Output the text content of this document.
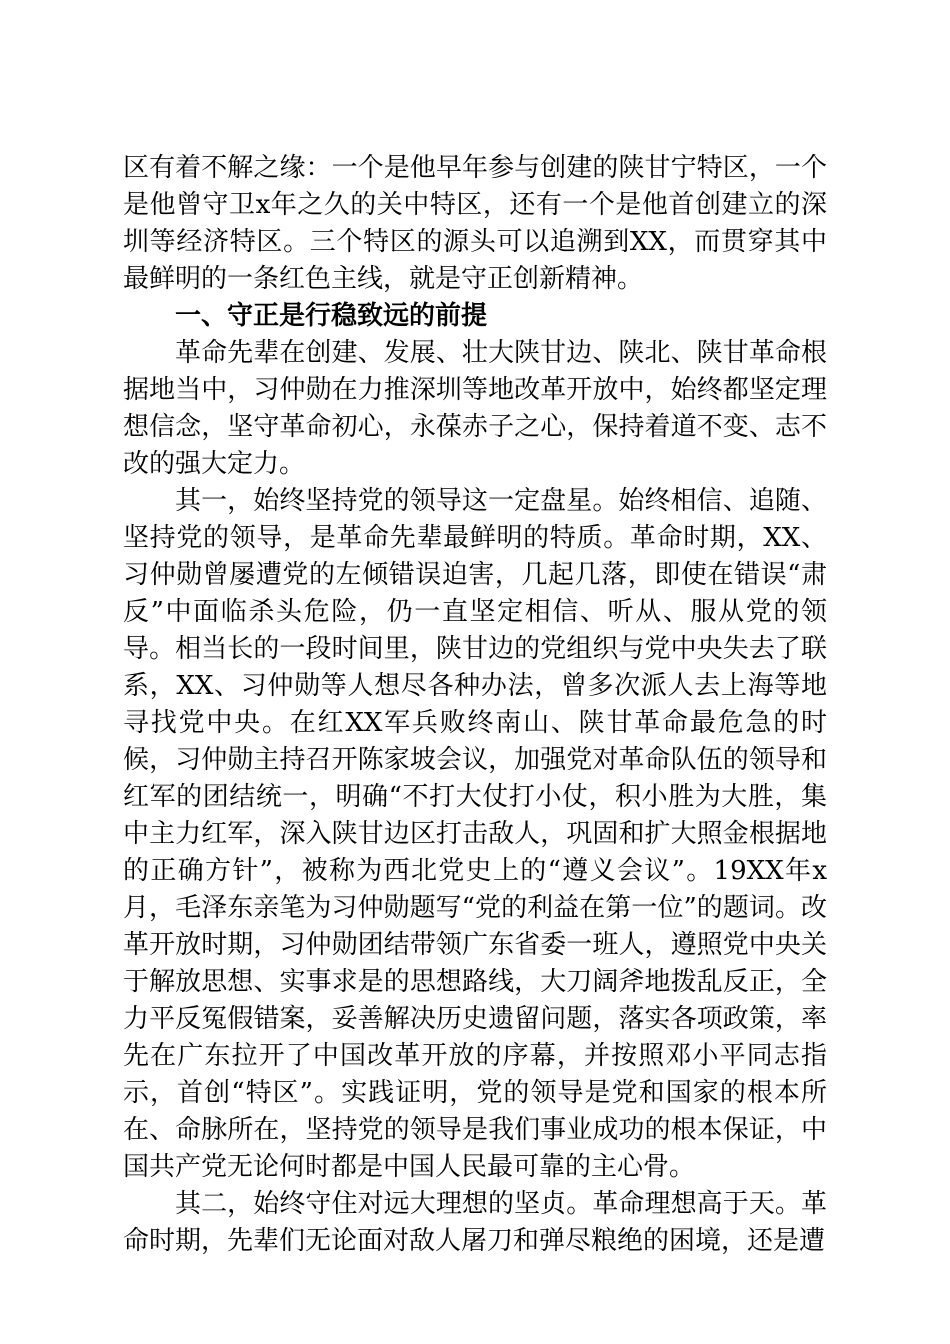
区有着不解之缘：一个是他早年参与创建的陕甘宁特区，一个是他曾守卫x年之久的关中特区，还有一个是他首创建立的深圳等经济特区。三个特区的源头可以追溯到XX，而贯穿其中最鲜明的一条红色主线，就是守正创新精神。

一、守正是行稳致远的前提

革命先辈在创建、发展、壮大陕甘边、陕北、陕甘革命根据地当中，习仲勋在力推深圳等地改革开放中，始终都坚定理想信念，坚守革命初心，永葆赤子之心，保持着道不变、志不改的强大定力。

其一，始终坚持党的领导这一定盘星。始终相信、追随、坚持党的领导，是革命先辈最鲜明的特质。革命时期，XX、习仲勋曾屡遭党的左倾错误迫害，几起几落，即使在错误“肃反”中面临杀头危险，仍一直坚定相信、听从、服从党的领导。相当长的一段时间里，陕甘边的党组织与党中央失去了联系，XX、习仲勋等人想尽各种办法，曾多次派人去上海等地寻找党中央。在红XX军兵败终南山、陕甘革命最危急的时候，习仲勋主持召开陈家坡会议，加强党对革命队伍的领导和红军的团结统一，明确“不打大仗打小仗，积小胜为大胜，集中主力红军，深入陕甘边区打击敌人，巩固和扩大照金根据地的正确方针”，被称为西北党史上的“遵义会议”。19XX年x月，毛泽东亲笔为习仲勋题写“党的利益在第一位”的题词。改革开放时期，习仲勋团结带领广东省委一班人，遵照党中央关于解放思想、实事求是的思想路线，大刀阔斧地拨乱反正，全力平反冤假错案，妥善解决历史遗留问题，落实各项政策，率先在广东拉开了中国改革开放的序幕，并按照邓小平同志指示，首创“特区”。实践证明，党的领导是党和国家的根本所在、命脉所在，坚持党的领导是我们事业成功的根本保证，中国共产党无论何时都是中国人民最可靠的主心骨。

其二，始终守住对远大理想的坚贞。革命理想高于天。革命时期，先辈们无论面对敌人屠刀和弹尽粮绝的困境，还是遭
